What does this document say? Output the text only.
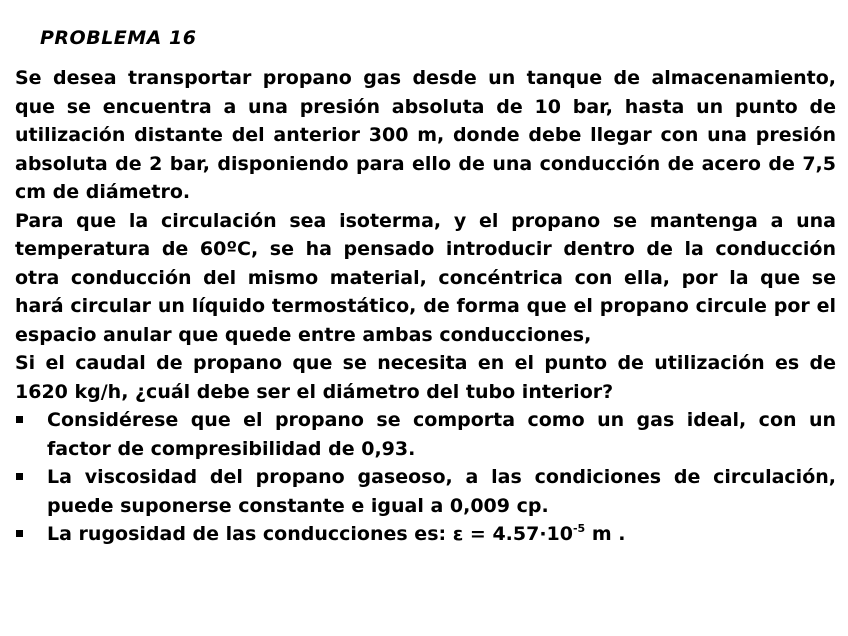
PROBLEMA 16

Se desea transportar propano gas desde un tanque de almacenamiento, que se encuentra a una presión absoluta de 10 bar, hasta un punto de utilización distante del anterior 300 m, donde debe llegar con una presión absoluta de 2 bar, disponiendo para ello de una conducción de acero de 7,5 cm de diámetro.

Para que la circulación sea isoterma, y el propano se mantenga a una temperatura de 60ºC, se ha pensado introducir dentro de la conducción otra conducción del mismo material, concéntrica con ella, por la que se hará circular un líquido termostático, de forma que el propano circule por el espacio anular que quede entre ambas conducciones,

Si el caudal de propano que se necesita en el punto de utilización es de 1620 kg/h, ¿cuál debe ser el diámetro del tubo interior?

Considérese que el propano se comporta como un gas ideal, con un factor de compresibilidad de 0,93.
La viscosidad del propano gaseoso, a las condiciones de circulación, puede suponerse constante e igual a 0,009 cp.
La rugosidad de las conducciones es: $\varepsilon = 4.57\cdot 10^{-5}$ m .
